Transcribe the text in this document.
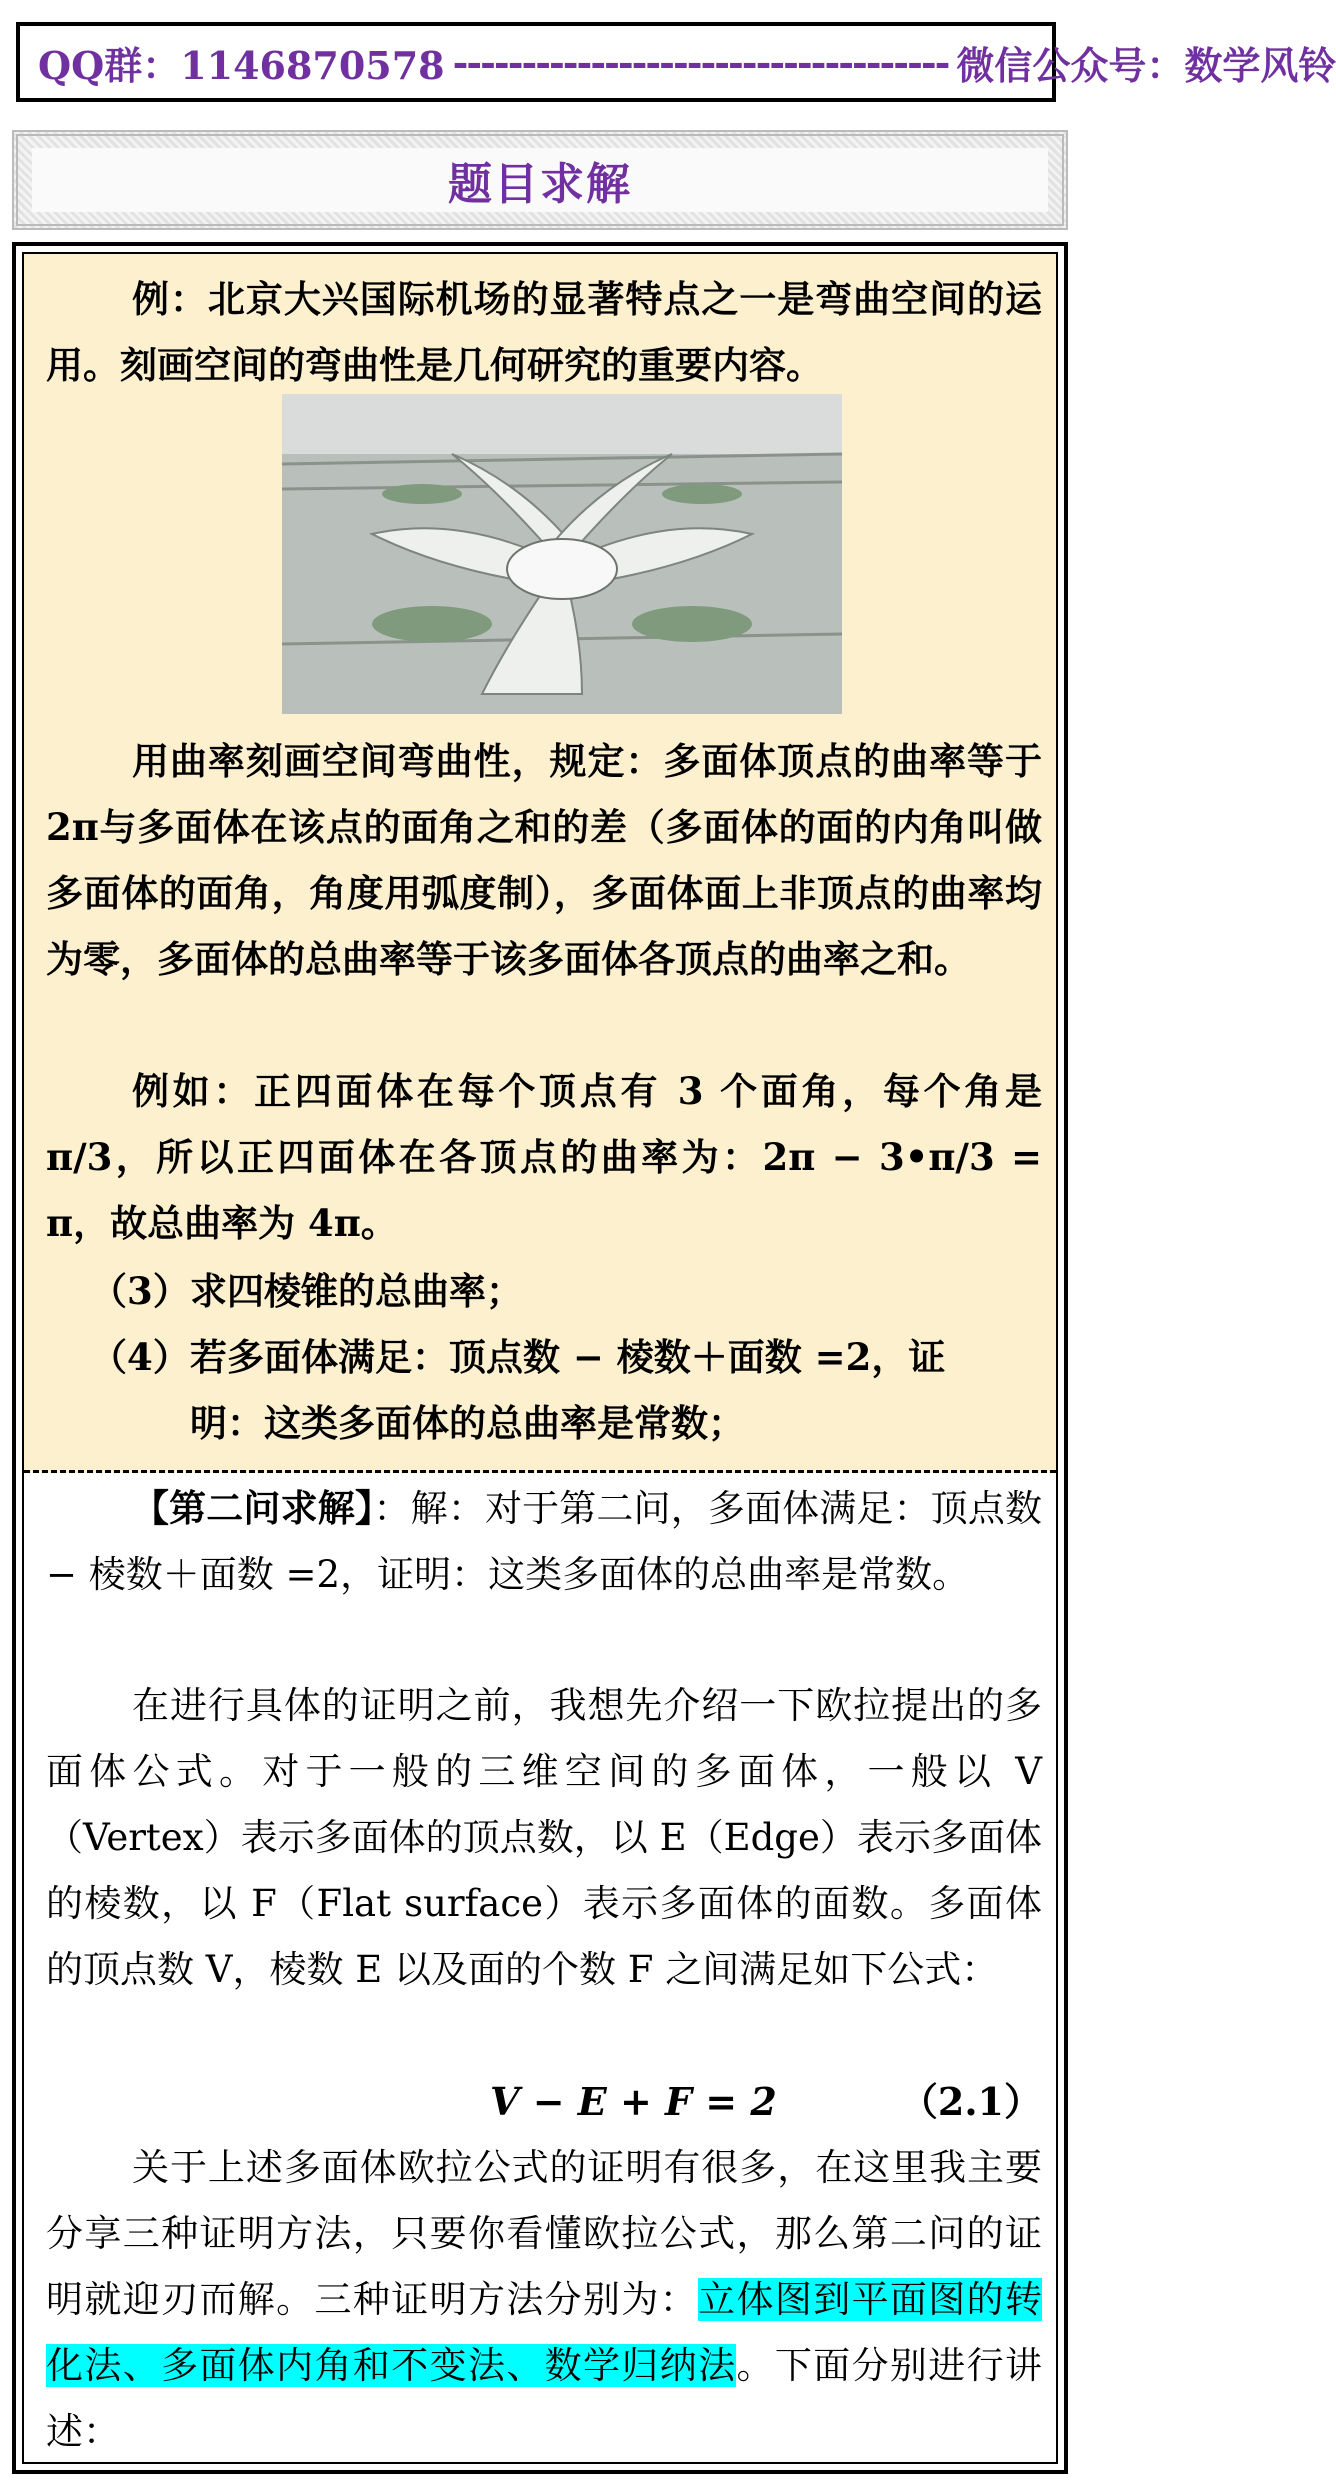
QQ群：1146870578 ------------------------------------ 微信公众号：数学风铃
题目求解
例：北京大兴国际机场的显著特点之一是弯曲空间的运用。刻画空间的弯曲性是几何研究的重要内容。
用曲率刻画空间弯曲性，规定：多面体顶点的曲率等于 2π与多面体在该点的面角之和的差（多面体的面的内角叫做多面体的面角，角度用弧度制），多面体面上非顶点的曲率均为零，多面体的总曲率等于该多面体各顶点的曲率之和。
例如：正四面体在每个顶点有 3 个面角，每个角是 π/3，所以正四面体在各顶点的曲率为：2π − 3•π/3 = π，故总曲率为 4π。
（3）求四棱锥的总曲率；
（4）若多面体满足：顶点数 − 棱数＋面数 =2，证
明：这类多面体的总曲率是常数；
【第二问求解】：解：对于第二问，多面体满足：顶点数 − 棱数＋面数 =2，证明：这类多面体的总曲率是常数。
在进行具体的证明之前，我想先介绍一下欧拉提出的多面体公式。对于一般的三维空间的多面体，一般以 V（Vertex）表示多面体的顶点数，以 E（Edge）表示多面体的棱数，以 F（Flat surface）表示多面体的面数。多面体的顶点数 V，棱数 E 以及面的个数 F 之间满足如下公式：
V − E + F = 2	（2.1）
关于上述多面体欧拉公式的证明有很多，在这里我主要分享三种证明方法，只要你看懂欧拉公式，那么第二问的证明就迎刃而解。三种证明方法分别为：立体图到平面图的转化法、多面体内角和不变法、数学归纳法。下面分别进行讲述：
